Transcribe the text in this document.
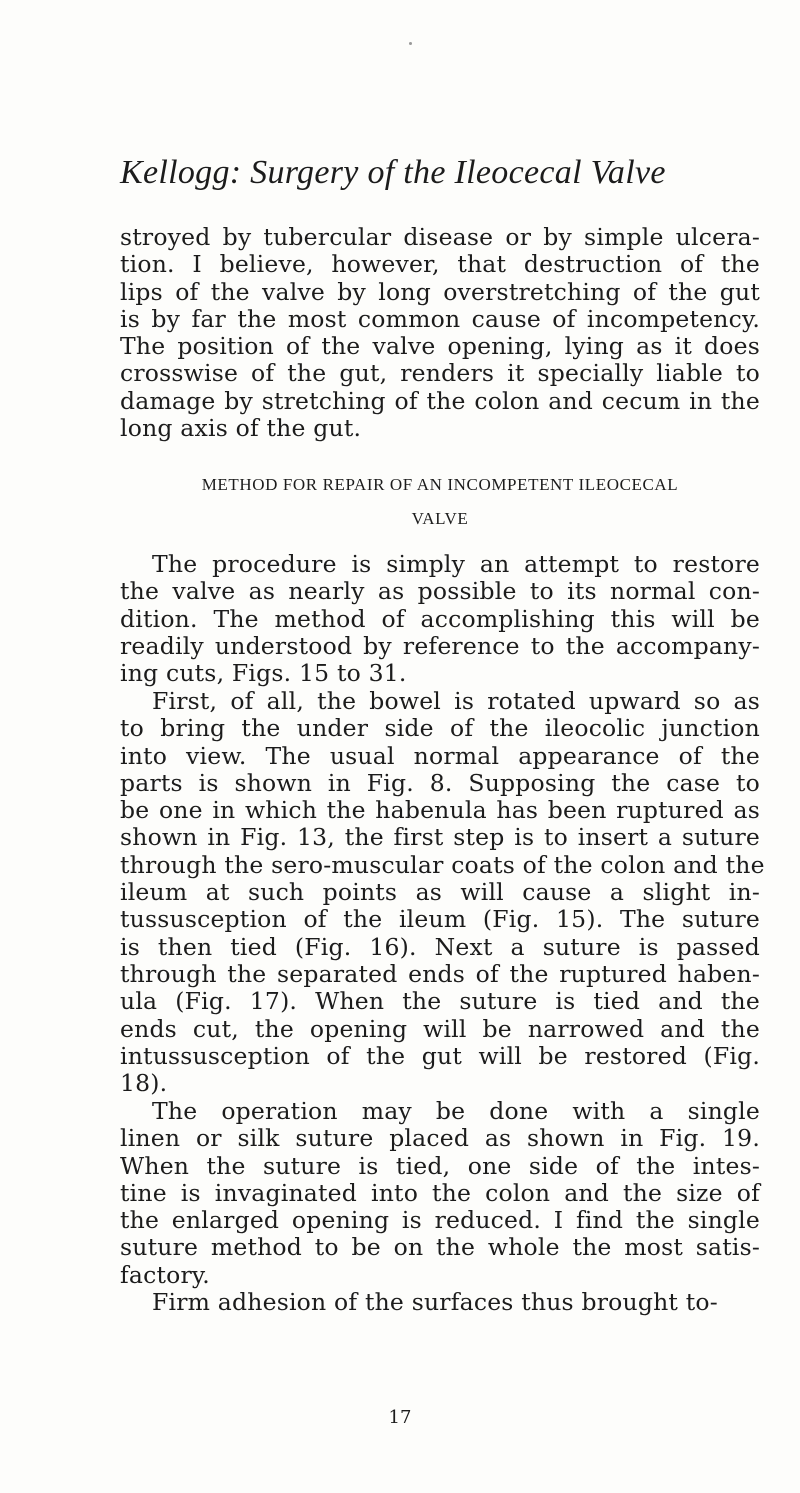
Kellogg: Surgery of the Ileocecal Valve
stroyed by tubercular disease or by simple ulcera-
tion. I believe, however, that destruction of the
lips of the valve by long overstretching of the gut
is by far the most common cause of incompetency.
The position of the valve opening, lying as it does
crosswise of the gut, renders it specially liable to
damage by stretching of the colon and cecum in the
long axis of the gut.
METHOD FOR REPAIR OF AN INCOMPETENT ILEOCECAL
VALVE
The procedure is simply an attempt to restore
the valve as nearly as possible to its normal con-
dition. The method of accomplishing this will be
readily understood by reference to the accompany-
ing cuts, Figs. 15 to 31.
First, of all, the bowel is rotated upward so as
to bring the under side of the ileocolic junction
into view. The usual normal appearance of the
parts is shown in Fig. 8. Supposing the case to
be one in which the habenula has been ruptured as
shown in Fig. 13, the first step is to insert a suture
through the sero-muscular coats of the colon and the
ileum at such points as will cause a slight in-
tussusception of the ileum (Fig. 15). The suture
is then tied (Fig. 16). Next a suture is passed
through the separated ends of the ruptured haben-
ula (Fig. 17). When the suture is tied and the
ends cut, the opening will be narrowed and the
intussusception of the gut will be restored (Fig.
18).
The operation may be done with a single
linen or silk suture placed as shown in Fig. 19.
When the suture is tied, one side of the intes-
tine is invaginated into the colon and the size of
the enlarged opening is reduced. I find the single
suture method to be on the whole the most satis-
factory.
Firm adhesion of the surfaces thus brought to-
17
